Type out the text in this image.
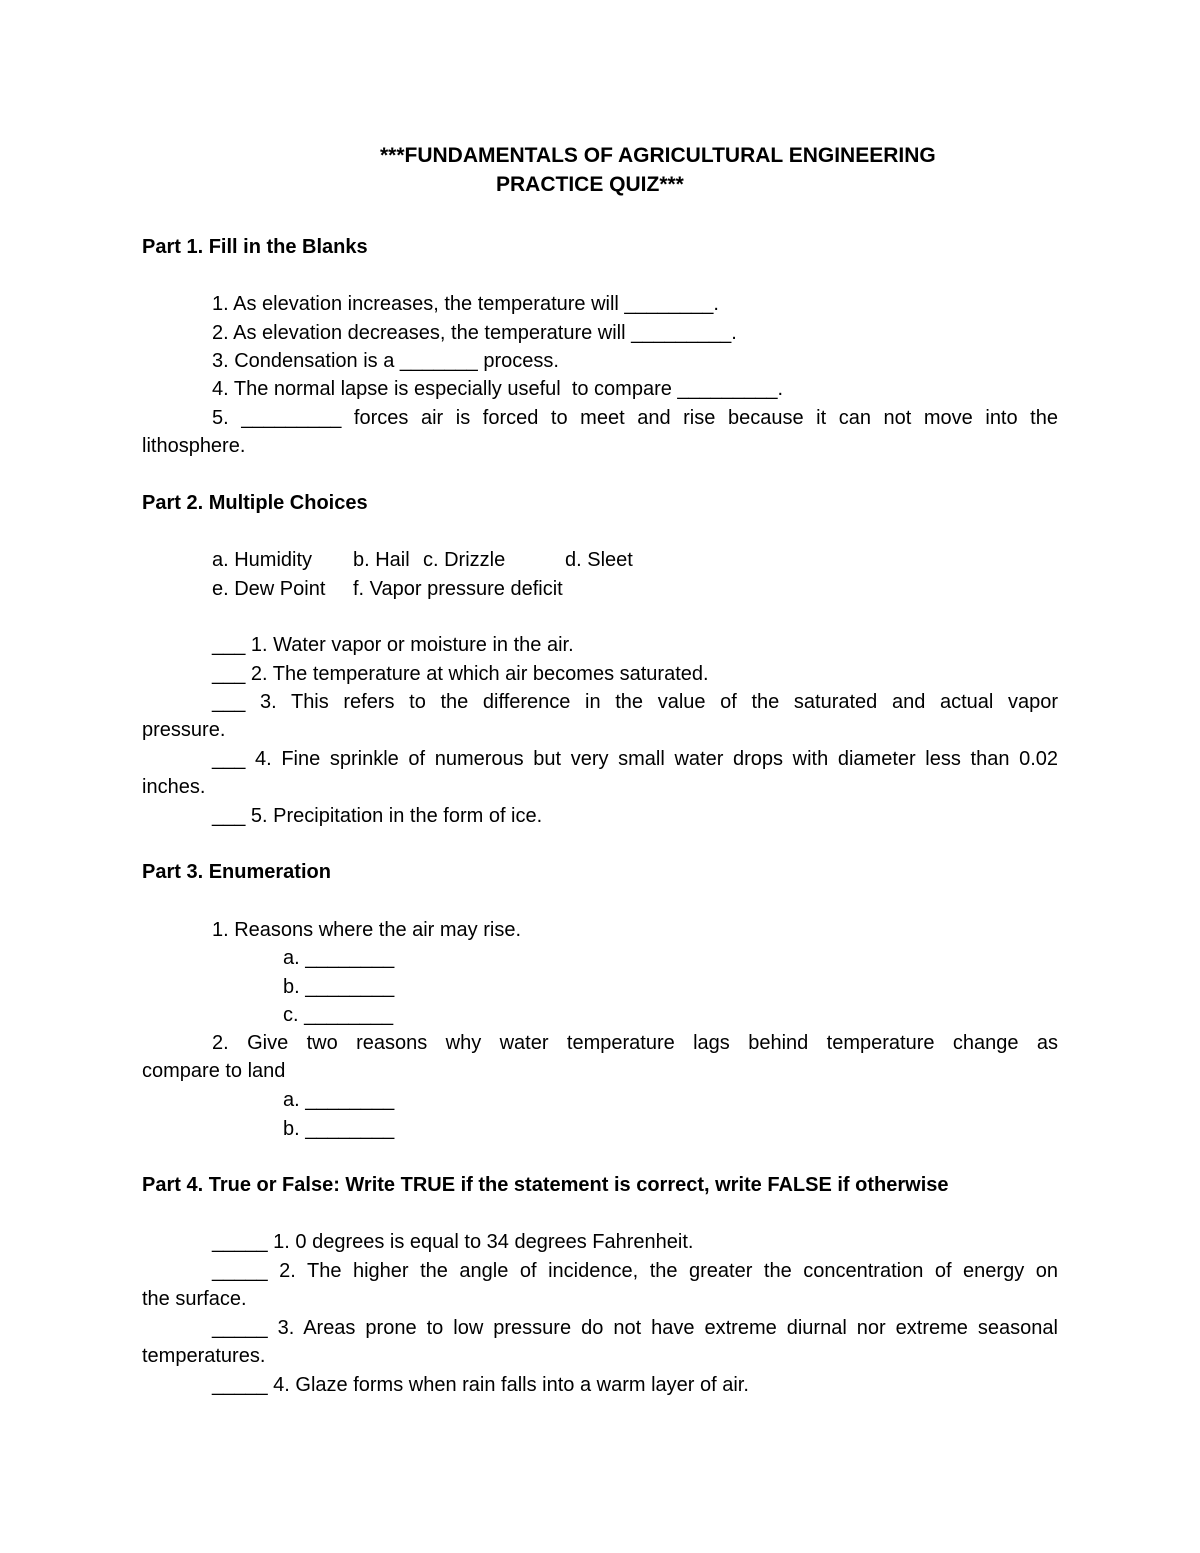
***FUNDAMENTALS OF AGRICULTURAL ENGINEERING
PRACTICE QUIZ***
Part 1. Fill in the Blanks
1. As elevation increases, the temperature will ________.
2. As elevation decreases, the temperature will _________.
3. Condensation is a _______ process.
4. The normal lapse is especially useful  to compare _________.
5. _________ forces air is forced to meet and rise because it can not move into the
lithosphere.
Part 2. Multiple Choices
a. Humidity b. Hail c. Drizzle	d. Sleet
e. Dew Point f. Vapor pressure deficit
___ 1. Water vapor or moisture in the air.
___ 2. The temperature at which air becomes saturated.
___ 3. This refers to the difference in the value of the saturated and actual vapor
pressure.
___ 4. Fine sprinkle of numerous but very small water drops with diameter less than 0.02
inches.
___ 5. Precipitation in the form of ice.
Part 3. Enumeration
1. Reasons where the air may rise.
a. ________
b. ________
c. ________
2. Give two reasons why water temperature lags behind temperature change as
compare to land
a. ________
b. ________
Part 4. True or False: Write TRUE if the statement is correct, write FALSE if otherwise
_____ 1. 0 degrees is equal to 34 degrees Fahrenheit.
_____ 2. The higher the angle of incidence, the greater the concentration of energy on
the surface.
_____ 3. Areas prone to low pressure do not have extreme diurnal nor extreme seasonal
temperatures.
_____ 4. Glaze forms when rain falls into a warm layer of air.
